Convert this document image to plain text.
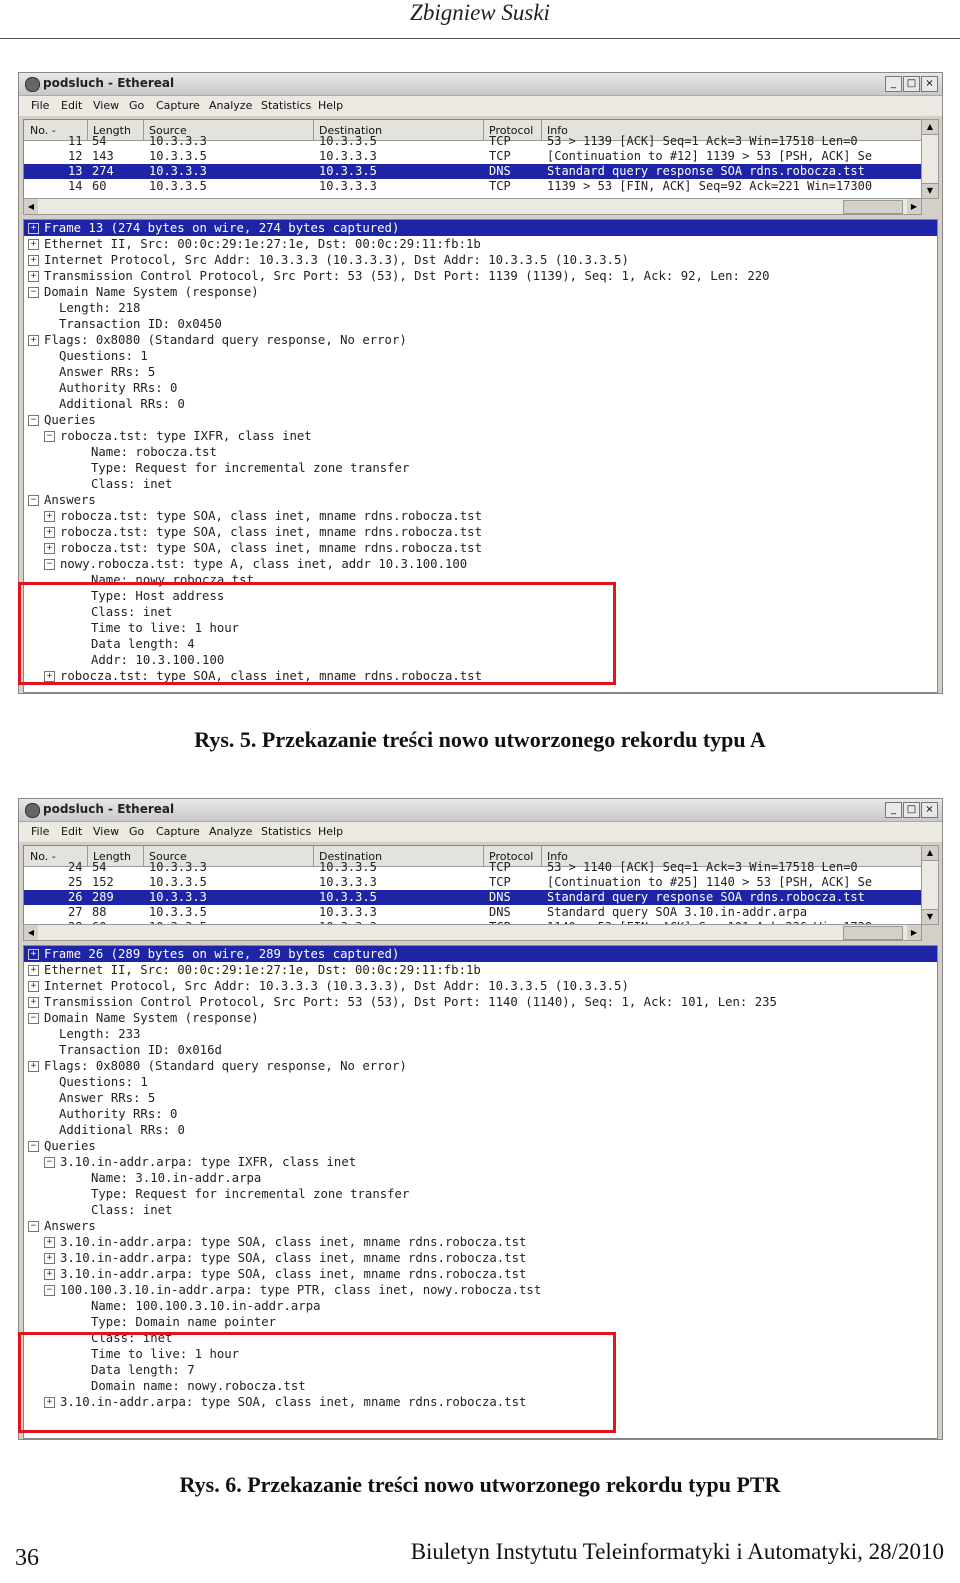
Zbigniew Suski
podsluch - Ethereal	_	□ ×
File Edit View Go Capture Analyze Statistics Help
No. -	Length Source	Destination	Protocol Info
11 54	10.3.3.3	10.3.3.5	TCP	53 > 1139 [ACK] Seq=1 Ack=3 Win=17518 Len=0
12 143	10.3.3.5	10.3.3.3	TCP	[Continuation to #12] 1139 > 53 [PSH, ACK] Se
13 274	10.3.3.3	10.3.3.5	DNS	Standard query response SOA rdns.robocza.tst
14 60	10.3.3.5	10.3.3.3	TCP	1139 > 53 [FIN, ACK] Seq=92 Ack=221 Win=17300
▲
▼
◀	▶
+ Frame 13 (274 bytes on wire, 274 bytes captured)
+ Ethernet II, Src: 00:0c:29:1e:27:1e, Dst: 00:0c:29:11:fb:1b
+ Internet Protocol, Src Addr: 10.3.3.3 (10.3.3.3), Dst Addr: 10.3.3.5 (10.3.3.5)
+ Transmission Control Protocol, Src Port: 53 (53), Dst Port: 1139 (1139), Seq: 1, Ack: 92, Len: 220
− Domain Name System (response)
Length: 218
Transaction ID: 0x0450
+ Flags: 0x8080 (Standard query response, No error)
Questions: 1
Answer RRs: 5
Authority RRs: 0
Additional RRs: 0
− Queries
− robocza.tst: type IXFR, class inet
Name: robocza.tst
Type: Request for incremental zone transfer
Class: inet
− Answers
+ robocza.tst: type SOA, class inet, mname rdns.robocza.tst
+ robocza.tst: type SOA, class inet, mname rdns.robocza.tst
+ robocza.tst: type SOA, class inet, mname rdns.robocza.tst
− nowy.robocza.tst: type A, class inet, addr 10.3.100.100
Name: nowy.robocza.tst
Type: Host address
Class: inet
Time to live: 1 hour
Data length: 4
Addr: 10.3.100.100
+ robocza.tst: type SOA, class inet, mname rdns.robocza.tst
Rys. 5. Przekazanie treści nowo utworzonego rekordu typu A
podsluch - Ethereal	_	□ ×
File Edit View Go Capture Analyze Statistics Help
No. -	Length Source	Destination	Protocol Info
24 54	10.3.3.3	10.3.3.5	TCP	53 > 1140 [ACK] Seq=1 Ack=3 Win=17518 Len=0
25 152	10.3.3.5	10.3.3.3	TCP	[Continuation to #25] 1140 > 53 [PSH, ACK] Se
26 289	10.3.3.3	10.3.3.5	DNS	Standard query response SOA rdns.robocza.tst
27 88	10.3.3.5	10.3.3.3	DNS	Standard query SOA 3.10.in-addr.arpa
▲
▼
◀	▶
+ Frame 26 (289 bytes on wire, 289 bytes captured)
+ Ethernet II, Src: 00:0c:29:1e:27:1e, Dst: 00:0c:29:11:fb:1b
+ Internet Protocol, Src Addr: 10.3.3.3 (10.3.3.3), Dst Addr: 10.3.3.5 (10.3.3.5)
+ Transmission Control Protocol, Src Port: 53 (53), Dst Port: 1140 (1140), Seq: 1, Ack: 101, Len: 235
− Domain Name System (response)
Length: 233
Transaction ID: 0x016d
+ Flags: 0x8080 (Standard query response, No error)
Questions: 1
Answer RRs: 5
Authority RRs: 0
Additional RRs: 0
− Queries
− 3.10.in-addr.arpa: type IXFR, class inet
Name: 3.10.in-addr.arpa
Type: Request for incremental zone transfer
Class: inet
− Answers
+ 3.10.in-addr.arpa: type SOA, class inet, mname rdns.robocza.tst
+ 3.10.in-addr.arpa: type SOA, class inet, mname rdns.robocza.tst
+ 3.10.in-addr.arpa: type SOA, class inet, mname rdns.robocza.tst
− 100.100.3.10.in-addr.arpa: type PTR, class inet, nowy.robocza.tst
Name: 100.100.3.10.in-addr.arpa
Type: Domain name pointer
Class: inet
Time to live: 1 hour
Data length: 7
Domain name: nowy.robocza.tst
+ 3.10.in-addr.arpa: type SOA, class inet, mname rdns.robocza.tst
Rys. 6. Przekazanie treści nowo utworzonego rekordu typu PTR
36	Biuletyn Instytutu Teleinformatyki i Automatyki, 28/2010
